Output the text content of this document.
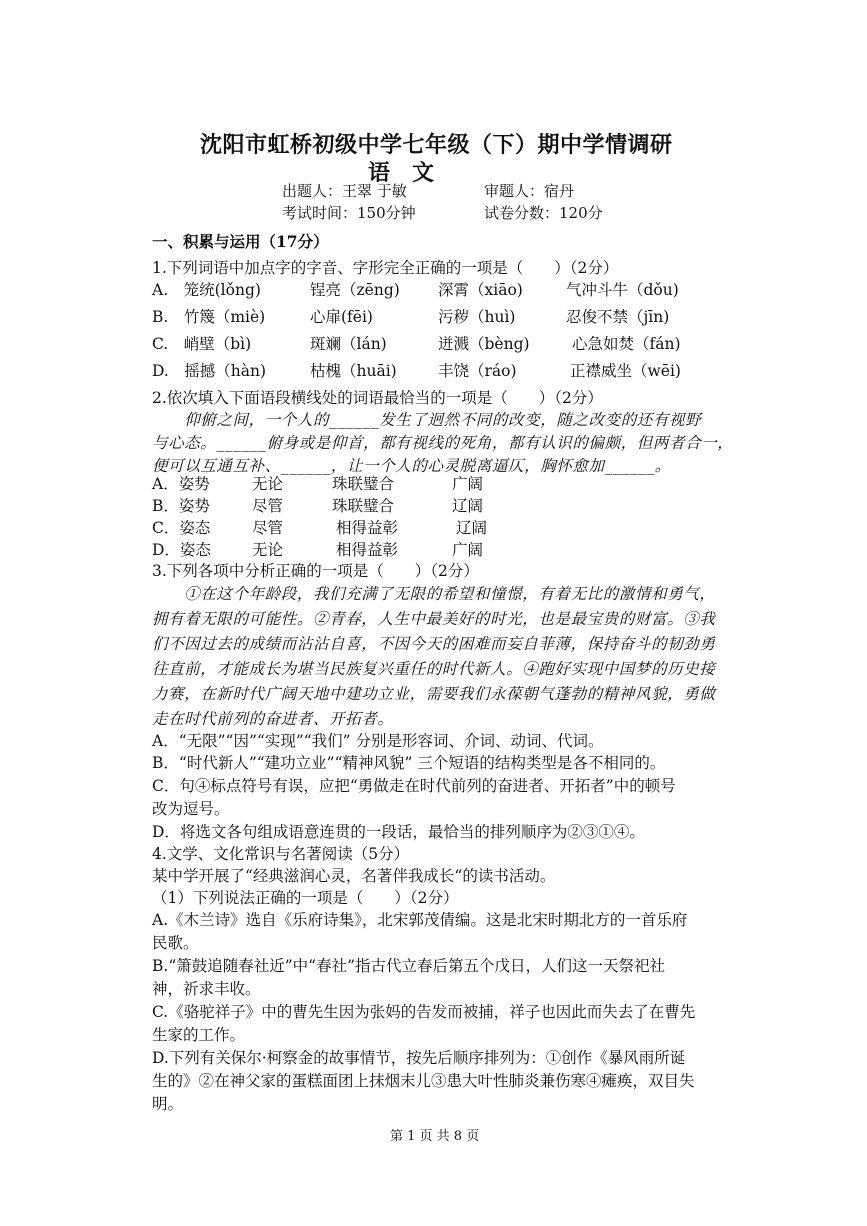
沈阳市虹桥初级中学七年级（下）期中学情调研
语文
出题人：王翠 于敏	审题人：宿丹
考试时间：150分钟	试卷分数：120分
一、积累与运用（17分）
1.下列词语中加点字的字音、字形完全正确的一项是（　　）（2分）
A.　笼统(lǒng)	锃亮（zēng) 深霄（xiāo)	气冲斗牛（dǒu)
B.　竹篾（miè)	心扉(fēi)	污秽（huì)	忍俊不禁（jīn)
C.　峭壁（bì)	斑斓（lán)	迸溅（bèng)	心急如焚（fán)
D.　摇撼（hàn)	枯槐（huāi)	丰饶（ráo)	正襟威坐（wēi)
2.依次填入下面语段横线处的词语最恰当的一项是（　　）（2分）
　　仰俯之间，一个人的______发生了迥然不同的改变，随之改变的还有视野
与心态。______俯身或是仰首，都有视线的死角，都有认识的偏颇，但两者合一，
便可以互通互补、______，让一个人的心灵脱离逼仄，胸怀愈加______。
A．姿势	无论	珠联璧合	广阔
B．姿势	尽管	珠联璧合	辽阔
C．姿态	尽管	相得益彰	辽阔
D．姿态	无论	相得益彰	广阔
3.下列各项中分析正确的一项是（　　）（2分）
　　①在这个年龄段，我们充满了无限的希望和憧憬，有着无比的激情和勇气，
拥有着无限的可能性。②青春，人生中最美好的时光，也是最宝贵的财富。③我
们不因过去的成绩而沾沾自喜，不因今天的困难而妄自菲薄，保持奋斗的韧劲勇
往直前，才能成长为堪当民族复兴重任的时代新人。④跑好实现中国梦的历史接
力赛，在新时代广阔天地中建功立业，需要我们永葆朝气蓬勃的精神风貌，勇做
走在时代前列的奋进者、开拓者。
A．“无限”“因”“实现”“我们” 分别是形容词、介词、动词、代词。
B．“时代新人”“建功立业”“精神风貌” 三个短语的结构类型是各不相同的。
C．句④标点符号有误，应把“勇做走在时代前列的奋进者、开拓者”中的顿号
改为逗号。
D．将选文各句组成语意连贯的一段话，最恰当的排列顺序为②③①④。
4.文学、文化常识与名著阅读（5分）
某中学开展了“经典滋润心灵，名著伴我成长“的读书活动。
（1）下列说法正确的一项是（　　）（2分）
A.《木兰诗》选自《乐府诗集》，北宋郭茂倩编。这是北宋时期北方的一首乐府
民歌。
B.“箫鼓追随春社近”中“春社”指古代立春后第五个戊日，人们这一天祭祀社
神，祈求丰收。
C.《骆驼祥子》中的曹先生因为张妈的告发而被捕，祥子也因此而失去了在曹先
生家的工作。
D.下列有关保尔·柯察金的故事情节，按先后顺序排列为：①创作《暴风雨所诞
生的》②在神父家的蛋糕面团上抹烟末儿③患大叶性肺炎兼伤寒④瘫痪，双目失
明。
第 1 页 共 8 页
